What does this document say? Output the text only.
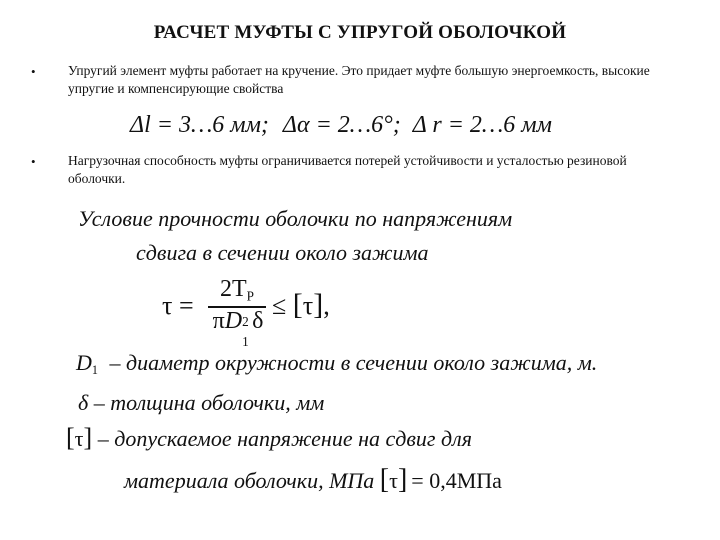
РАСЧЕТ МУФТЫ С УПРУГОЙ ОБОЛОЧКОЙ
• Упругий элемент муфты работает на кручение. Это придает муфте большую энергоемкость, высокие упругие и компенсирующие свойства
Δl = 3…6 мм; Δα = 2…6°; Δ r = 2…6 мм
• Нагрузочная способность муфты ограничивается потерей устойчивости и усталостью резиновой оболочки.
Условие прочности оболочки по напряжениям
сдвига в сечении около зажима
τ =
$2T_P$
πD 2
1
δ
≤ [τ],
$D_1$ – диаметр окружности в сечении около зажима, м.
δ – толщина оболочки, мм
[τ] – допускаемое напряжение на сдвиг для
материала оболочки, МПа [τ] = 0,4МПа
